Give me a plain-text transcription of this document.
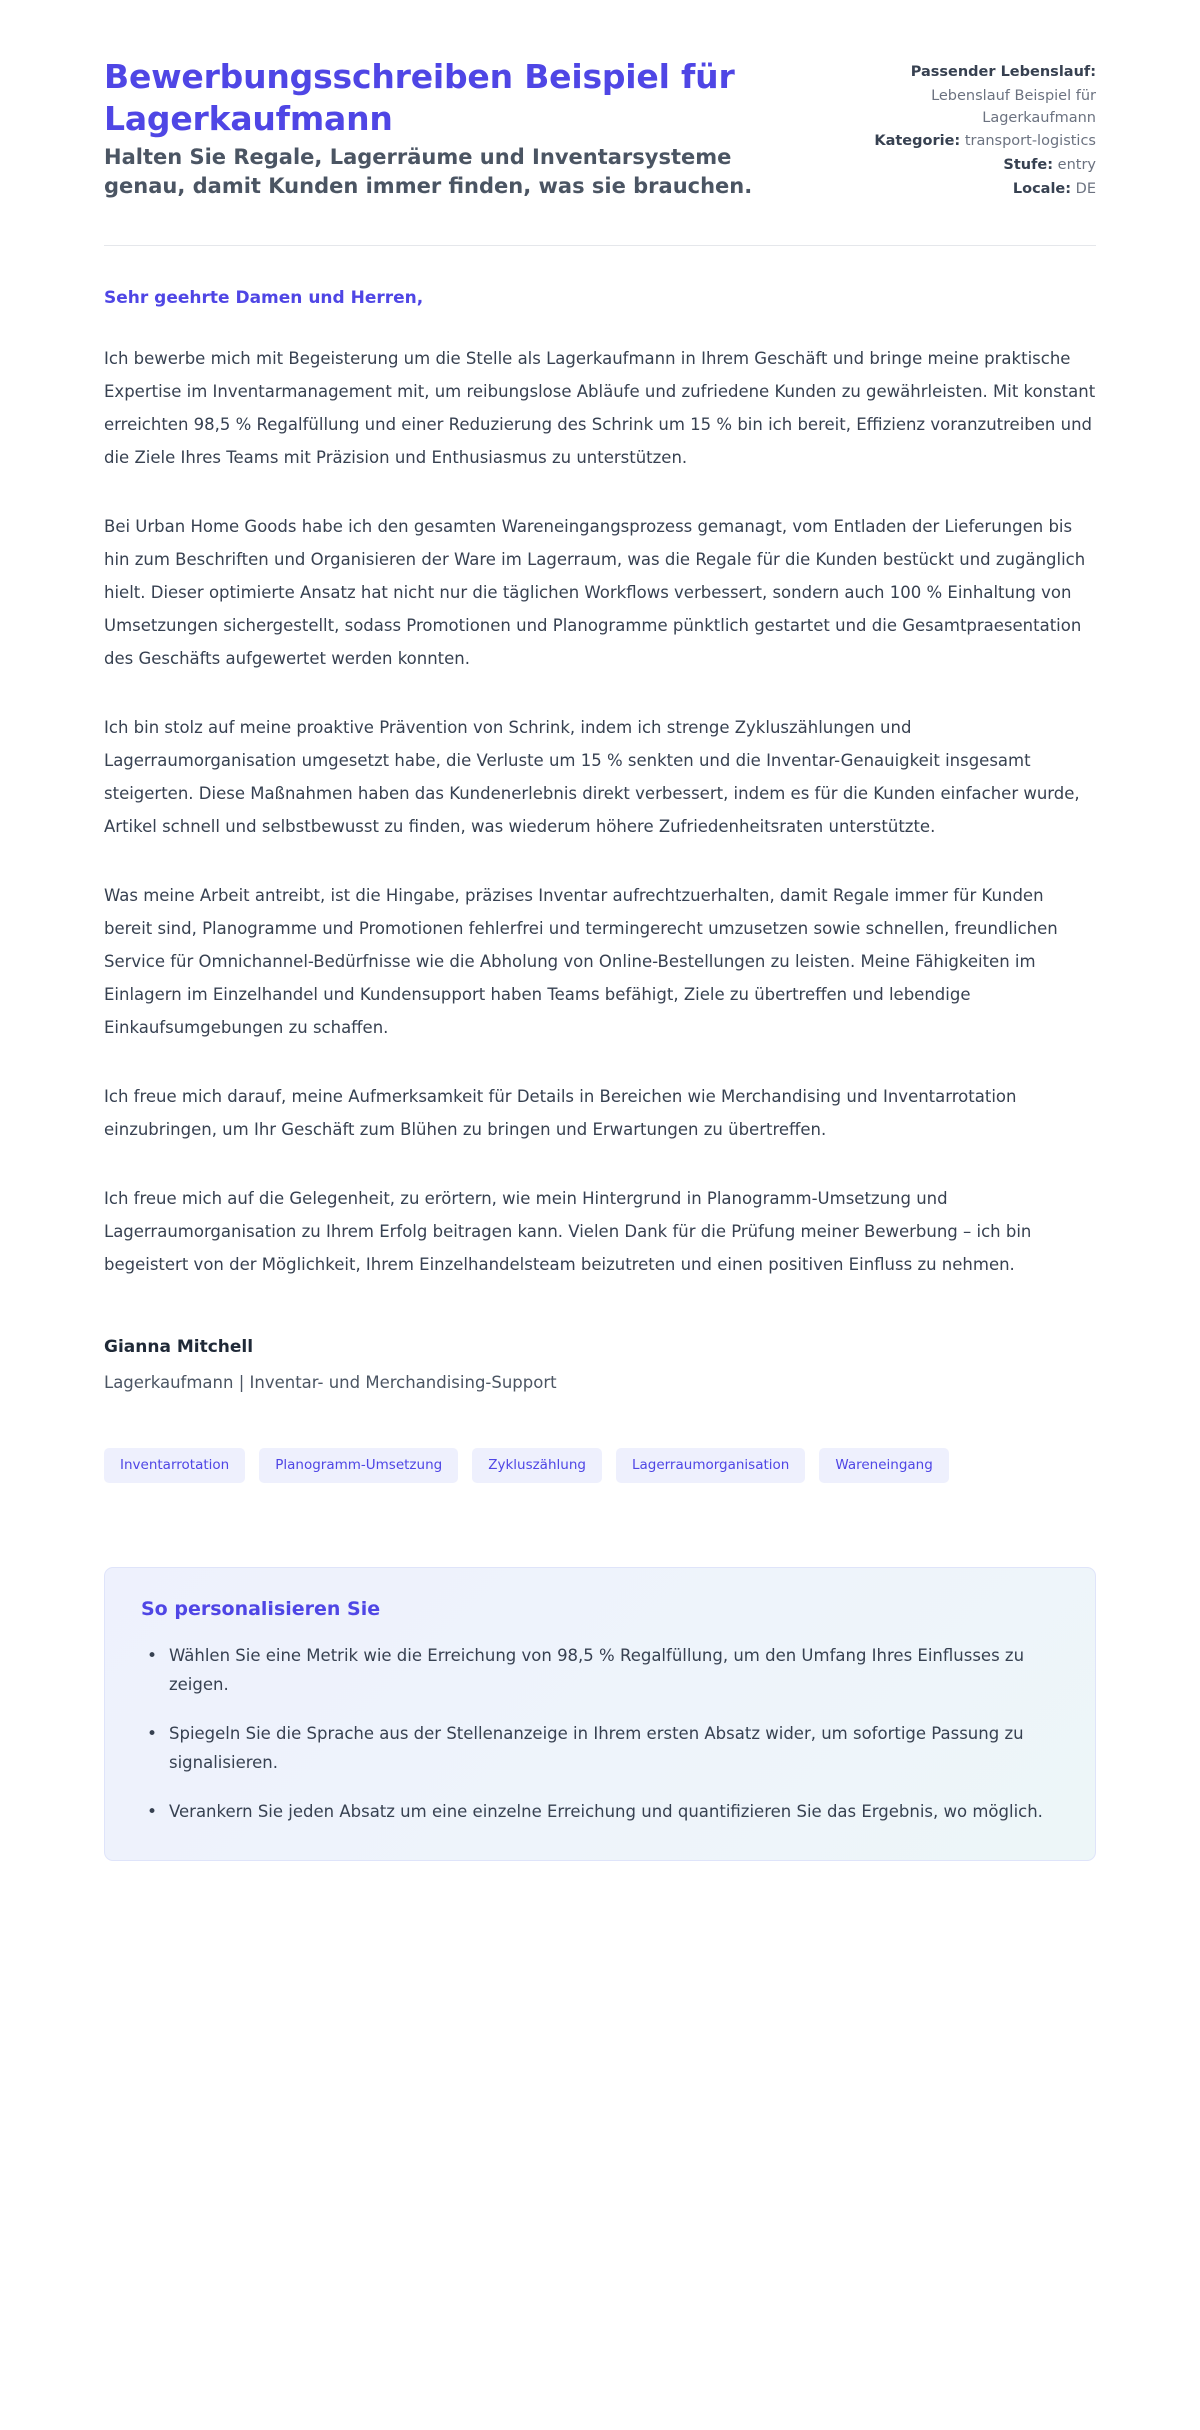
Bewerbungsschreiben Beispiel für Lagerkaufmann

Halten Sie Regale, Lagerräume und Inventarsysteme genau, damit Kunden immer finden, was sie brauchen.

Passender Lebenslauf:
Lebenslauf Beispiel für Lagerkaufmann
Kategorie: transport-logistics
Stufe: entry
Locale: DE

Sehr geehrte Damen und Herren,

Ich bewerbe mich mit Begeisterung um die Stelle als Lagerkaufmann in Ihrem Geschäft und bringe meine praktische Expertise im Inventarmanagement mit, um reibungslose Abläufe und zufriedene Kunden zu gewährleisten. Mit konstant erreichten 98,5 % Regalfüllung und einer Reduzierung des Schrink um 15 % bin ich bereit, Effizienz voranzutreiben und die Ziele Ihres Teams mit Präzision und Enthusiasmus zu unterstützen.

Bei Urban Home Goods habe ich den gesamten Wareneingangsprozess gemanagt, vom Entladen der Lieferungen bis hin zum Beschriften und Organisieren der Ware im Lagerraum, was die Regale für die Kunden bestückt und zugänglich hielt. Dieser optimierte Ansatz hat nicht nur die täglichen Workflows verbessert, sondern auch 100 % Einhaltung von Umsetzungen sichergestellt, sodass Promotionen und Planogramme pünktlich gestartet und die Gesamtpraesentation des Geschäfts aufgewertet werden konnten.

Ich bin stolz auf meine proaktive Prävention von Schrink, indem ich strenge Zykluszählungen und Lagerraumorganisation umgesetzt habe, die Verluste um 15 % senkten und die Inventar-Genauigkeit insgesamt steigerten. Diese Maßnahmen haben das Kundenerlebnis direkt verbessert, indem es für die Kunden einfacher wurde, Artikel schnell und selbstbewusst zu finden, was wiederum höhere Zufriedenheitsraten unterstützte.

Was meine Arbeit antreibt, ist die Hingabe, präzises Inventar aufrechtzuerhalten, damit Regale immer für Kunden bereit sind, Planogramme und Promotionen fehlerfrei und termingerecht umzusetzen sowie schnellen, freundlichen Service für Omnichannel-Bedürfnisse wie die Abholung von Online-Bestellungen zu leisten. Meine Fähigkeiten im Einlagern im Einzelhandel und Kundensupport haben Teams befähigt, Ziele zu übertreffen und lebendige Einkaufsumgebungen zu schaffen.

Ich freue mich darauf, meine Aufmerksamkeit für Details in Bereichen wie Merchandising und Inventarrotation einzubringen, um Ihr Geschäft zum Blühen zu bringen und Erwartungen zu übertreffen.

Ich freue mich auf die Gelegenheit, zu erörtern, wie mein Hintergrund in Planogramm-Umsetzung und Lagerraumorganisation zu Ihrem Erfolg beitragen kann. Vielen Dank für die Prüfung meiner Bewerbung – ich bin begeistert von der Möglichkeit, Ihrem Einzelhandelsteam beizutreten und einen positiven Einfluss zu nehmen.

Gianna Mitchell

Lagerkaufmann | Inventar- und Merchandising-Support

Inventarrotation	Planogramm-Umsetzung	Zykluszählung	Lagerraumorganisation	Wareneingang
So personalisieren Sie
• Wählen Sie eine Metrik wie die Erreichung von 98,5 % Regalfüllung, um den Umfang Ihres Einflusses zu zeigen.
• Spiegeln Sie die Sprache aus der Stellenanzeige in Ihrem ersten Absatz wider, um sofortige Passung zu signalisieren.
• Verankern Sie jeden Absatz um eine einzelne Erreichung und quantifizieren Sie das Ergebnis, wo möglich.
